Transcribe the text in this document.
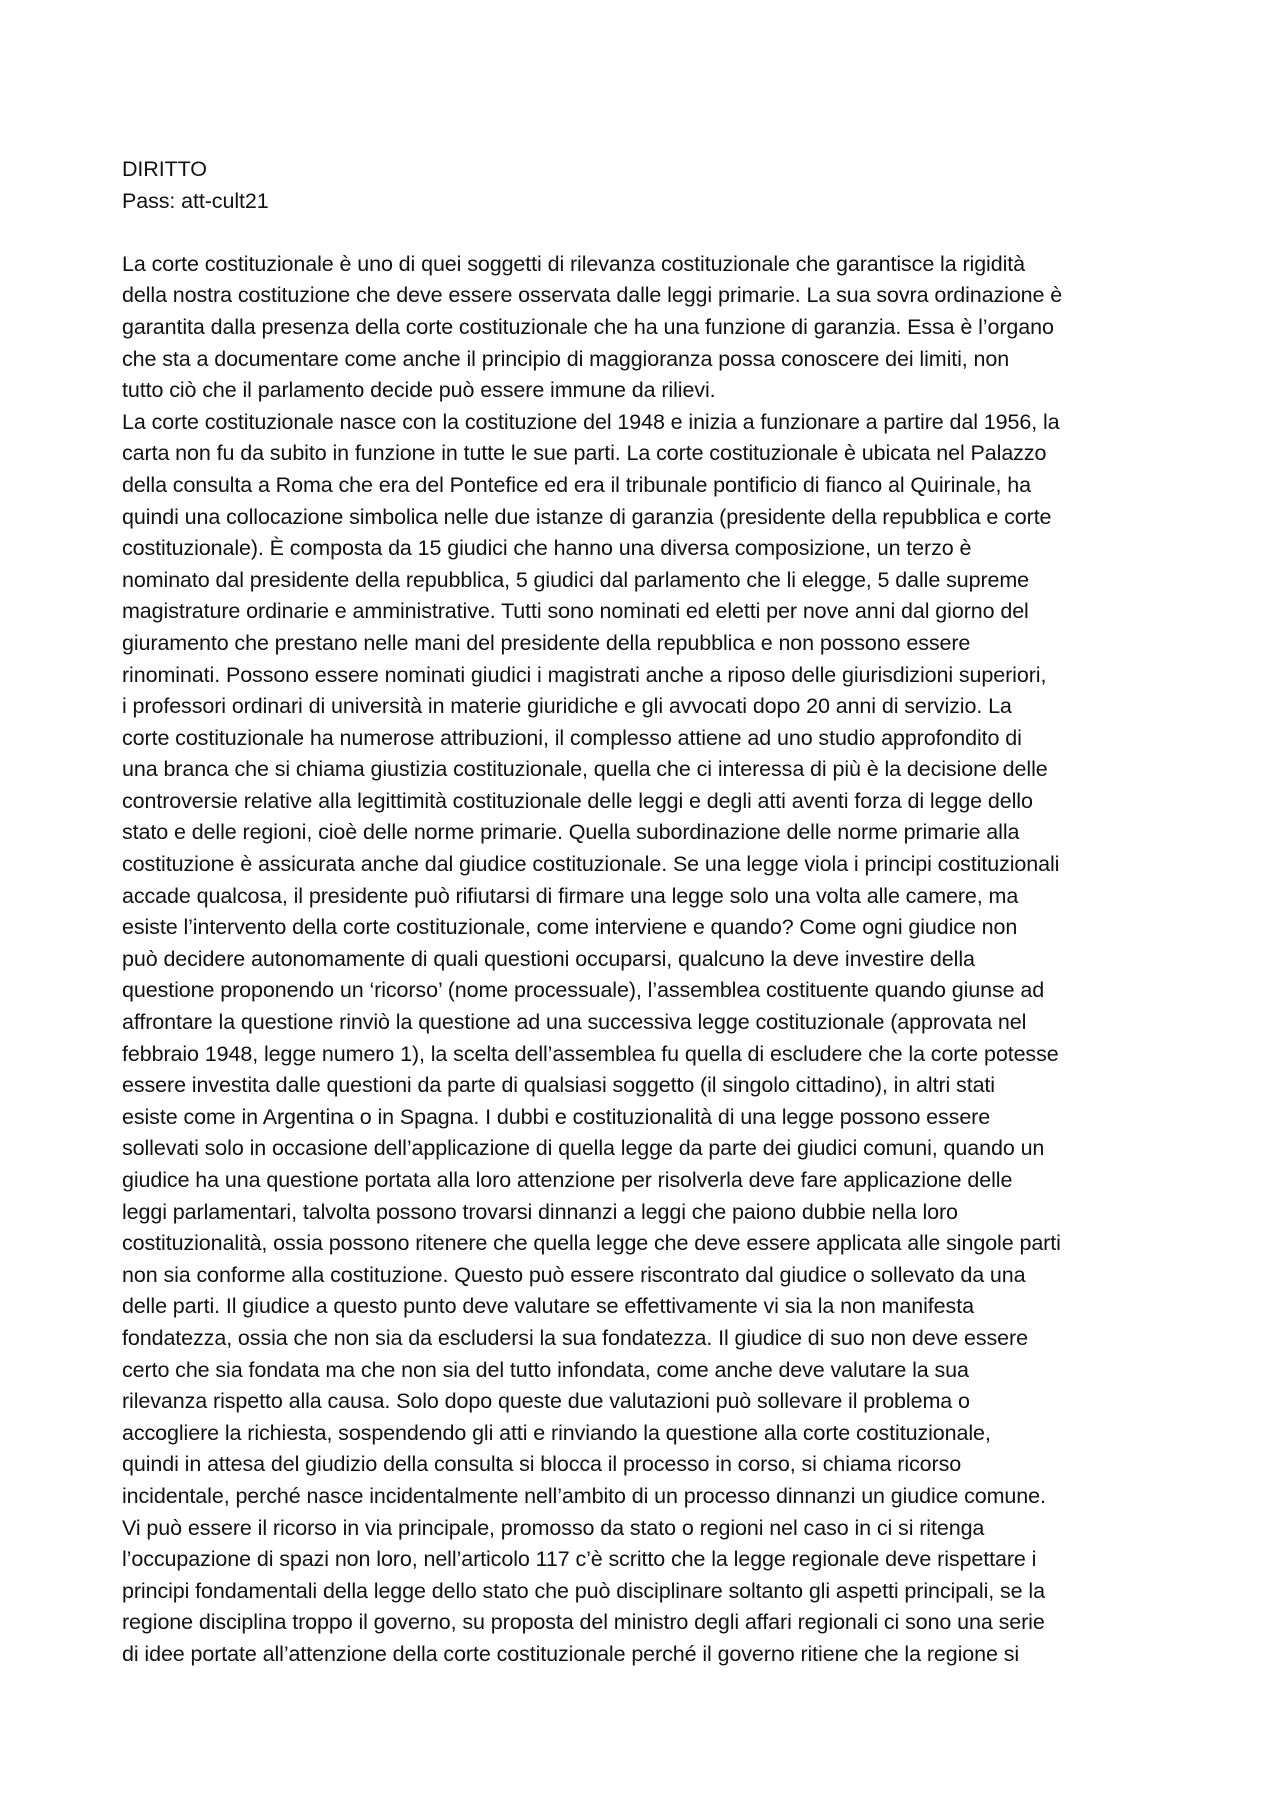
DIRITTO
Pass: att-cult21
La corte costituzionale è uno di quei soggetti di rilevanza costituzionale che garantisce la rigidità
della nostra costituzione che deve essere osservata dalle leggi primarie. La sua sovra ordinazione è
garantita dalla presenza della corte costituzionale che ha una funzione di garanzia. Essa è l’organo
che sta a documentare come anche il principio di maggioranza possa conoscere dei limiti, non
tutto ciò che il parlamento decide può essere immune da rilievi.
La corte costituzionale nasce con la costituzione del 1948 e inizia a funzionare a partire dal 1956, la
carta non fu da subito in funzione in tutte le sue parti. La corte costituzionale è ubicata nel Palazzo
della consulta a Roma che era del Pontefice ed era il tribunale pontificio di fianco al Quirinale, ha
quindi una collocazione simbolica nelle due istanze di garanzia (presidente della repubblica e corte
costituzionale). È composta da 15 giudici che hanno una diversa composizione, un terzo è
nominato dal presidente della repubblica, 5 giudici dal parlamento che li elegge, 5 dalle supreme
magistrature ordinarie e amministrative. Tutti sono nominati ed eletti per nove anni dal giorno del
giuramento che prestano nelle mani del presidente della repubblica e non possono essere
rinominati. Possono essere nominati giudici i magistrati anche a riposo delle giurisdizioni superiori,
i professori ordinari di università in materie giuridiche e gli avvocati dopo 20 anni di servizio. La
corte costituzionale ha numerose attribuzioni, il complesso attiene ad uno studio approfondito di
una branca che si chiama giustizia costituzionale, quella che ci interessa di più è la decisione delle
controversie relative alla legittimità costituzionale delle leggi e degli atti aventi forza di legge dello
stato e delle regioni, cioè delle norme primarie. Quella subordinazione delle norme primarie alla
costituzione è assicurata anche dal giudice costituzionale. Se una legge viola i principi costituzionali
accade qualcosa, il presidente può rifiutarsi di firmare una legge solo una volta alle camere, ma
esiste l’intervento della corte costituzionale, come interviene e quando? Come ogni giudice non
può decidere autonomamente di quali questioni occuparsi, qualcuno la deve investire della
questione proponendo un ‘ricorso’ (nome processuale), l’assemblea costituente quando giunse ad
affrontare la questione rinviò la questione ad una successiva legge costituzionale (approvata nel
febbraio 1948, legge numero 1), la scelta dell’assemblea fu quella di escludere che la corte potesse
essere investita dalle questioni da parte di qualsiasi soggetto (il singolo cittadino), in altri stati
esiste come in Argentina o in Spagna. I dubbi e costituzionalità di una legge possono essere
sollevati solo in occasione dell’applicazione di quella legge da parte dei giudici comuni, quando un
giudice ha una questione portata alla loro attenzione per risolverla deve fare applicazione delle
leggi parlamentari, talvolta possono trovarsi dinnanzi a leggi che paiono dubbie nella loro
costituzionalità, ossia possono ritenere che quella legge che deve essere applicata alle singole parti
non sia conforme alla costituzione. Questo può essere riscontrato dal giudice o sollevato da una
delle parti. Il giudice a questo punto deve valutare se effettivamente vi sia la non manifesta
fondatezza, ossia che non sia da escludersi la sua fondatezza. Il giudice di suo non deve essere
certo che sia fondata ma che non sia del tutto infondata, come anche deve valutare la sua
rilevanza rispetto alla causa. Solo dopo queste due valutazioni può sollevare il problema o
accogliere la richiesta, sospendendo gli atti e rinviando la questione alla corte costituzionale,
quindi in attesa del giudizio della consulta si blocca il processo in corso, si chiama ricorso
incidentale, perché nasce incidentalmente nell’ambito di un processo dinnanzi un giudice comune.
Vi può essere il ricorso in via principale, promosso da stato o regioni nel caso in ci si ritenga
l’occupazione di spazi non loro, nell’articolo 117 c’è scritto che la legge regionale deve rispettare i
principi fondamentali della legge dello stato che può disciplinare soltanto gli aspetti principali, se la
regione disciplina troppo il governo, su proposta del ministro degli affari regionali ci sono una serie
di idee portate all’attenzione della corte costituzionale perché il governo ritiene che la regione si
